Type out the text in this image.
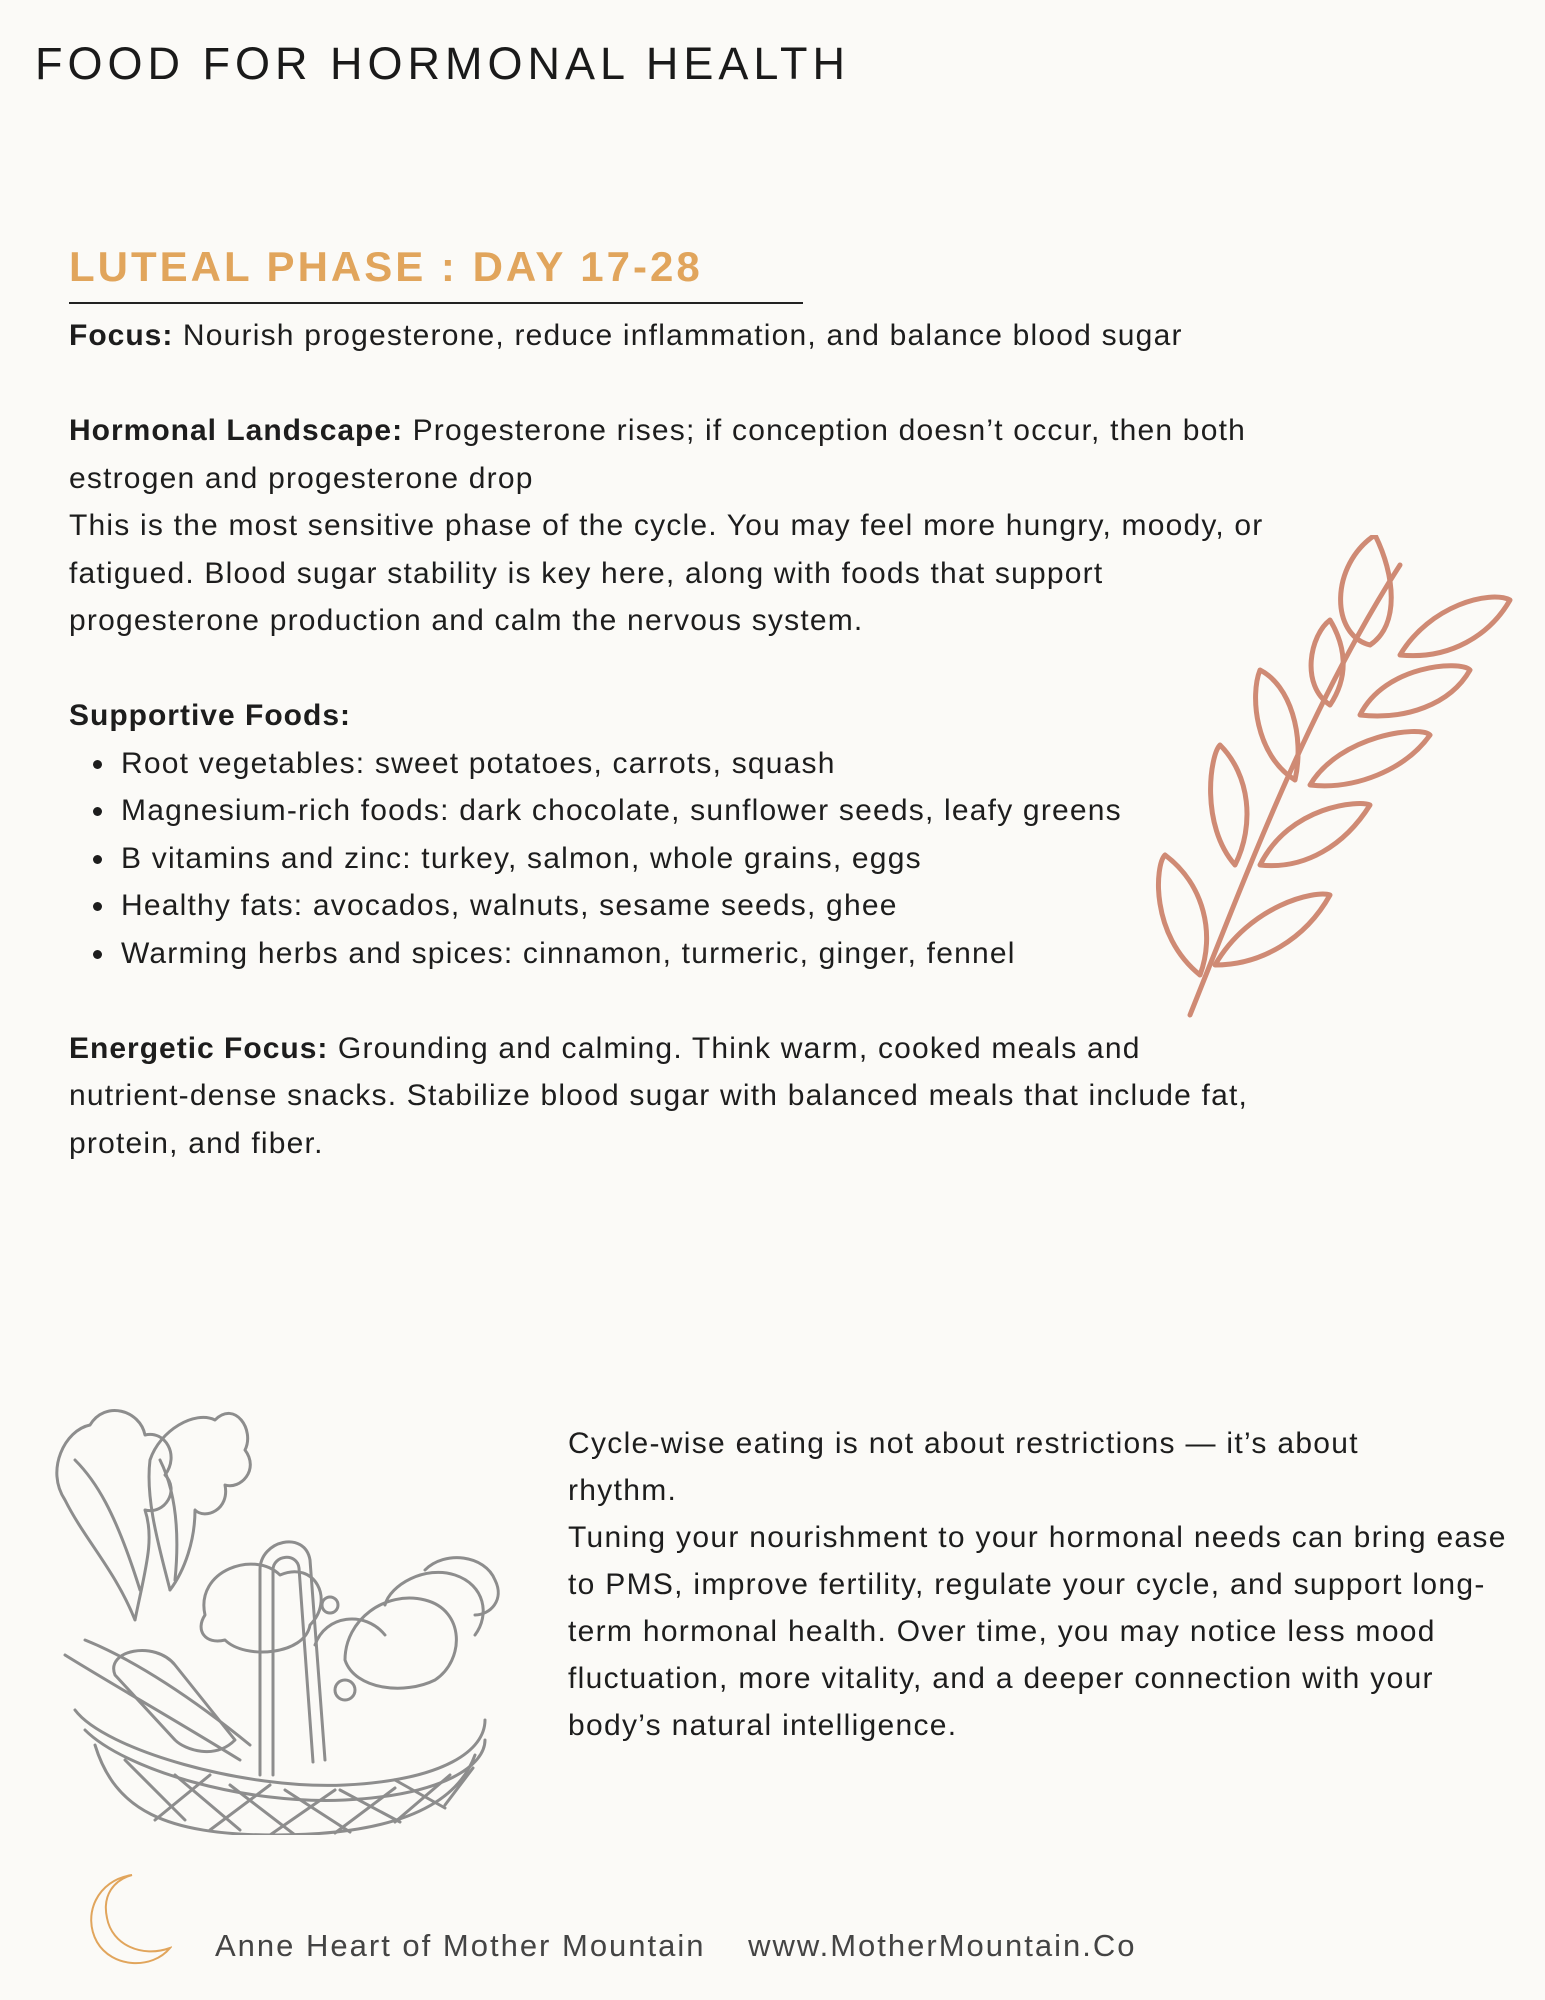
FOOD FOR HORMONAL HEALTH
LUTEAL PHASE : DAY 17-28

Focus: Nourish progesterone, reduce inflammation, and balance blood sugar

Hormonal Landscape: Progesterone rises; if conception doesn’t occur, then both estrogen and progesterone drop

This is the most sensitive phase of the cycle. You may feel more hungry, moody, or fatigued. Blood sugar stability is key here, along with foods that support progesterone production and calm the nervous system.

Supportive Foods:

Root vegetables: sweet potatoes, carrots, squash
Magnesium-rich foods: dark chocolate, sunflower seeds, leafy greens
B vitamins and zinc: turkey, salmon, whole grains, eggs
Healthy fats: avocados, walnuts, sesame seeds, ghee
Warming herbs and spices: cinnamon, turmeric, ginger, fennel

Energetic Focus: Grounding and calming. Think warm, cooked meals and nutrient-dense snacks. Stabilize blood sugar with balanced meals that include fat, protein, and fiber.

Cycle-wise eating is not about restrictions — it’s about rhythm.

Tuning your nourishment to your hormonal needs can bring ease to PMS, improve fertility, regulate your cycle, and support long-term hormonal health. Over time, you may notice less mood fluctuation, more vitality, and a deeper connection with your body’s natural intelligence.

Anne Heart of Mother Mountain www.MotherMountain.Co
